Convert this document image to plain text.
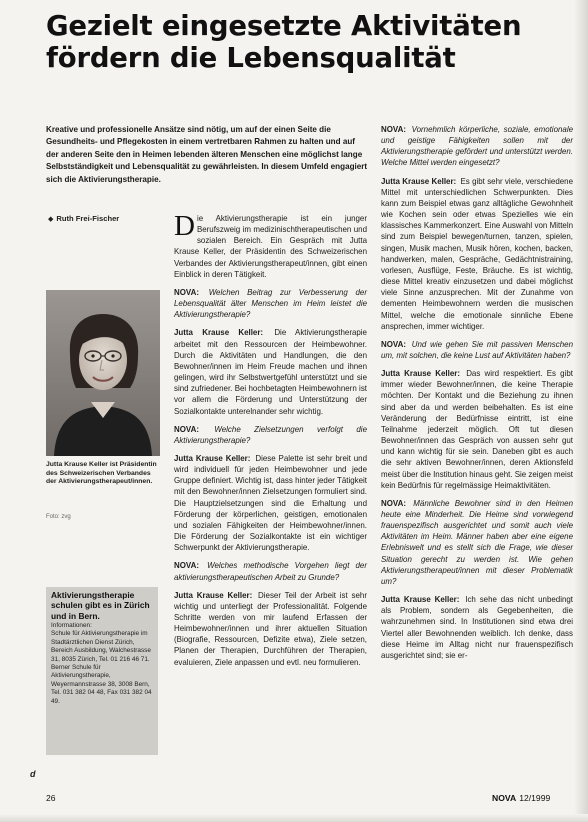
Gezielt eingesetzte Aktivitäten fördern die Lebensqualität

Kreative und professionelle Ansätze sind nötig, um auf der einen Seite die Gesundheits- und Pflegekosten in einem vertretbaren Rahmen zu halten und auf der anderen Seite den in Heimen lebenden älteren Menschen eine möglichst lange Selbstständigkeit und Lebensqualität zu gewährleisten. In diesem Umfeld engagiert sich die Aktivierungstherapie.

◆ Ruth Frei-Fischer

Jutta Krause Keller ist Präsidentin des Schweizerischen Verbandes der Aktivierungstherapeut/innen.

Foto: zvg

Aktivierungstherapie schulen gibt es in Zürich und in Bern.

Informationen:
Schule für Aktivierungstherapie im Stadtärztlichen Dienst Zürich, Bereich Ausbildung, Walchestrasse 31, 8035 Zürich, Tel. 01 216 46 71.
Berner Schule für Aktivierungstherapie, Weyermannstrasse 38, 3008 Bern, Tel. 031 382 04 48, Fax 031 382 04 49.

d

Die Aktivierungstherapie ist ein junger Berufszweig im medizinischtherapeutischen und sozialen Bereich. Ein Gespräch mit Jutta Krause Keller, der Präsidentin des Schweizerischen Verbandes der Aktivierungstherapeut/innen, gibt einen Einblick in deren Tätigkeit.

NOVA: Welchen Beitrag zur Verbesserung der Lebensqualität älter Menschen im Heim leistet die Aktivierungstherapie?

Jutta Krause Keller: Die Aktivierungstherapie arbeitet mit den Ressourcen der Heimbewohner. Durch die Aktivitäten und Handlungen, die den Bewohner/innen im Heim Freude machen und ihnen gelingen, wird ihr Selbstwertgefühl unterstützt und sie sind zufriedener. Bei hochbetagten Heimbewohnern ist vor allem die Förderung und Unterstützung der Sozialkontakte unterelnander sehr wichtig.

NOVA: Welche Zielsetzungen verfolgt die Aktivierungstherapie?

Jutta Krause Keller: Diese Palette ist sehr breit und wird individuell für jeden Heimbewohner und jede Gruppe definiert. Wichtig ist, dass hinter jeder Tätigkeit mit den Bewohner/innen Zielsetzungen formuliert sind. Die Hauptzielsetzungen sind die Erhaltung und Förderung der körperlichen, geistigen, emotionalen und sozialen Fähigkeiten der Heimbewohner/innen. Die Förderung der Sozialkontakte ist ein wichtiger Schwerpunkt der Aktivierungstherapie.

NOVA: Welches methodische Vorgehen liegt der aktivierungstherapeutischen Arbeit zu Grunde?

Jutta Krause Keller: Dieser Teil der Arbeit ist sehr wichtig und unterliegt der Professionalität. Folgende Schritte werden von mir laufend Erfassen der Heimbewohner/innen und ihrer aktuellen Situation (Biografie, Ressourcen, Defizite etwa), Ziele setzen, Planen der Therapien, Durchführen der Therapien, evaluieren, Ziele anpassen und evtl. neu formulieren.

NOVA: Vornehmlich körperliche, soziale, emotionale und geistige Fähigkeiten sollen mit der Aktivierungstherapie gefördert und unterstützt werden. Welche Mittel werden eingesetzt?

Jutta Krause Keller: Es gibt sehr viele, verschiedene Mittel mit unterschiedlichen Schwerpunkten. Dies kann zum Beispiel etwas ganz alltägliche Gewohnheit wie Kochen sein oder etwas Spezielles wie ein klassisches Kammerkonzert. Eine Auswahl von Mitteln sind zum Beispiel bewegen/turnen, tanzen, spielen, singen, Musik machen, Musik hören, kochen, backen, handwerken, malen, Gespräche, Gedächtnistraining, vorlesen, Ausflüge, Feste, Bräuche. Es ist wichtig, diese Mittel kreativ einzusetzen und dabei möglichst viele Sinne anzusprechen. Mit der Zunahme von dementen Heimbewohnern werden die musischen Mittel, welche die emotionale sinnliche Ebene ansprechen, immer wichtiger.

NOVA: Und wie gehen Sie mit passiven Menschen um, mit solchen, die keine Lust auf Aktivitäten haben?

Jutta Krause Keller: Das wird respektiert. Es gibt immer wieder Bewohner/innen, die keine Therapie möchten. Der Kontakt und die Beziehung zu ihnen sind aber da und werden beibehalten. Es ist eine Veränderung der Bedürfnisse eintritt, ist eine Teilnahme jederzeit möglich. Oft tut diesen Bewohner/innen das Gespräch von aussen sehr gut und kann wichtig für sie sein. Daneben gibt es auch die sehr aktiven Bewohner/innen, deren Aktionsfeld meist über die Institution hinaus geht. Sie zeigen meist kein Bedürfnis für regelmässige Heimaktivitäten.

NOVA: Männliche Bewohner sind in den Heimen heute eine Minderheit. Die Heime sind vorwiegend frauenspezifisch ausgerichtet und somit auch viele Aktivitäten im Heim. Männer haben aber eine eigene Erlebniswelt und es stellt sich die Frage, wie dieser Situation gerecht zu werden ist. Wie gehen Aktivierungstherapeut/innen mit dieser Problematik um?

Jutta Krause Keller: Ich sehe das nicht unbedingt als Problem, sondern als Gegebenheiten, die wahrzunehmen sind. In Institutionen sind etwa drei Viertel aller Bewohnenden weiblich. Ich denke, dass diese Heime im Alltag nicht nur frauenspezifisch ausgerichtet sind; sie er-

26	NOVA 12/1999
